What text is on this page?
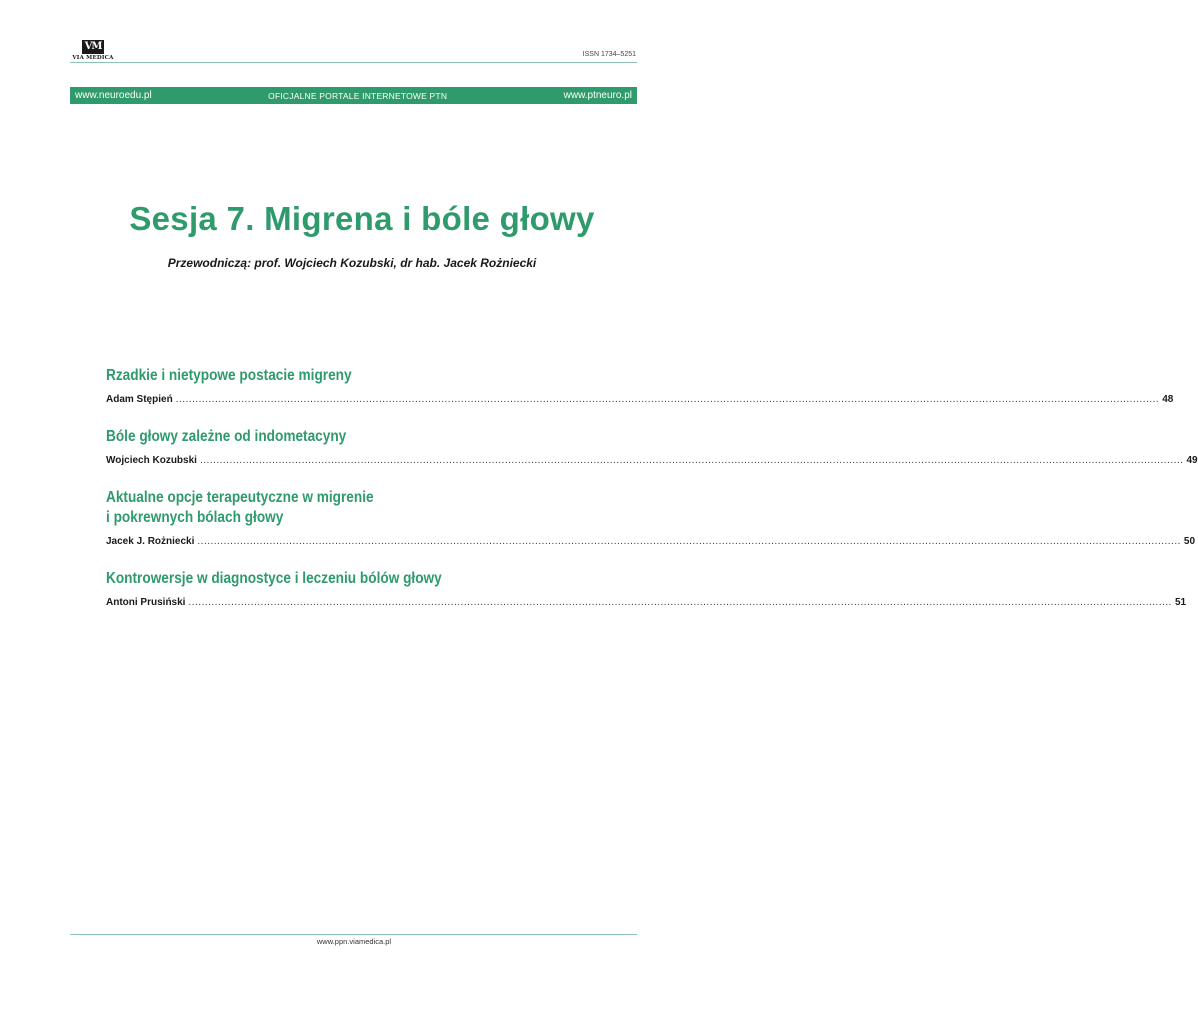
VM
VIA MEDICA	ISSN 1734–5251
www.neuroedu.pl	OFICJALNE PORTALE INTERNETOWE PTN	www.ptneuro.pl
Sesja 7. Migrena i bóle głowy
Przewodniczą: prof. Wojciech Kozubski, dr hab. Jacek Rożniecki
Rzadkie i nietypowe postacie migreny
Adam Stępień ............................................................................................................................................................................................................................................................................................................ 48
Bóle głowy zależne od indometacyny
Wojciech Kozubski ............................................................................................................................................................................................................................................................................................................ 49
Aktualne opcje terapeutyczne w migrenie
i pokrewnych bólach głowy
Jacek J. Rożniecki ............................................................................................................................................................................................................................................................................................................ 50
Kontrowersje w diagnostyce i leczeniu bólów głowy
Antoni Prusiński ............................................................................................................................................................................................................................................................................................................ 51
www.ppn.viamedica.pl
